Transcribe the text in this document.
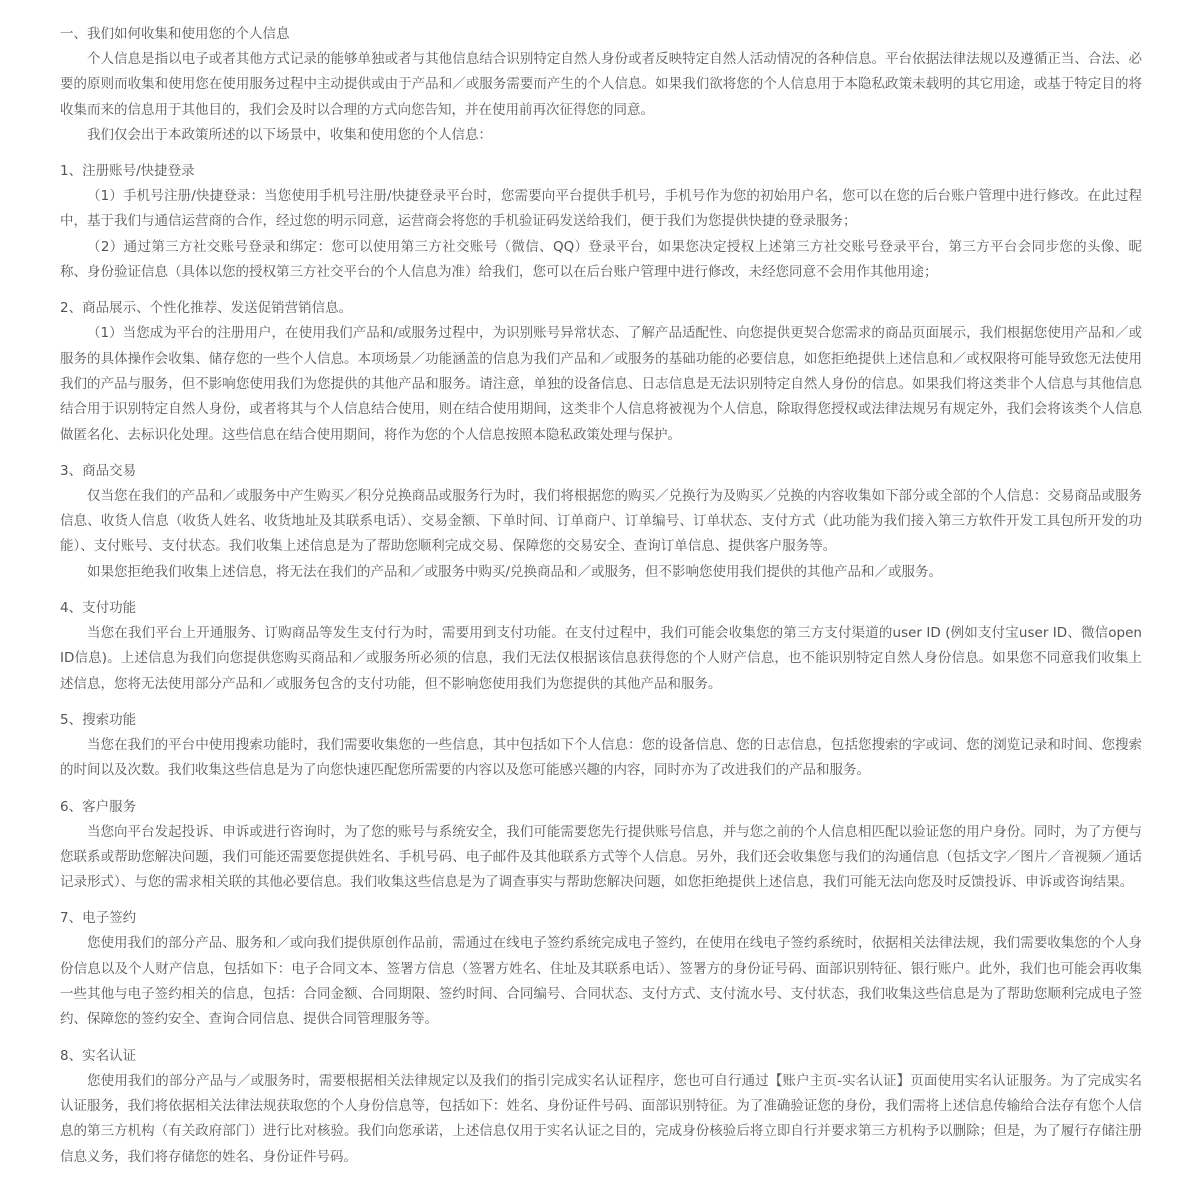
一、我们如何收集和使用您的个人信息

个人信息是指以电子或者其他方式记录的能够单独或者与其他信息结合识别特定自然人身份或者反映特定自然人活动情况的各种信息。平台依据法律法规以及遵循正当、合法、必要的原则而收集和使用您在使用服务过程中主动提供或由于产品和／或服务需要而产生的个人信息。如果我们欲将您的个人信息用于本隐私政策未载明的其它用途，或基于特定目的将收集而来的信息用于其他目的，我们会及时以合理的方式向您告知，并在使用前再次征得您的同意。

我们仅会出于本政策所述的以下场景中，收集和使用您的个人信息：

1、注册账号/快捷登录

（1）手机号注册/快捷登录：当您使用手机号注册/快捷登录平台时，您需要向平台提供手机号，手机号作为您的初始用户名，您可以在您的后台账户管理中进行修改。在此过程中，基于我们与通信运营商的合作，经过您的明示同意，运营商会将您的手机验证码发送给我们，便于我们为您提供快捷的登录服务；

（2）通过第三方社交账号登录和绑定：您可以使用第三方社交账号（微信、QQ）登录平台，如果您决定授权上述第三方社交账号登录平台，第三方平台会同步您的头像、昵称、身份验证信息（具体以您的授权第三方社交平台的个人信息为准）给我们，您可以在后台账户管理中进行修改，未经您同意不会用作其他用途；

2、商品展示、个性化推荐、发送促销营销信息。

（1）当您成为平台的注册用户，在使用我们产品和/或服务过程中，为识别账号异常状态、了解产品适配性、向您提供更契合您需求的商品页面展示，我们根据您使用产品和／或服务的具体操作会收集、储存您的一些个人信息。本项场景／功能涵盖的信息为我们产品和／或服务的基础功能的必要信息，如您拒绝提供上述信息和／或权限将可能导致您无法使用我们的产品与服务，但不影响您使用我们为您提供的其他产品和服务。请注意，单独的设备信息、日志信息是无法识别特定自然人身份的信息。如果我们将这类非个人信息与其他信息结合用于识别特定自然人身份，或者将其与个人信息结合使用，则在结合使用期间，这类非个人信息将被视为个人信息，除取得您授权或法律法规另有规定外，我们会将该类个人信息做匿名化、去标识化处理。这些信息在结合使用期间，将作为您的个人信息按照本隐私政策处理与保护。

3、商品交易

仅当您在我们的产品和／或服务中产生购买／积分兑换商品或服务行为时，我们将根据您的购买／兑换行为及购买／兑换的内容收集如下部分或全部的个人信息：交易商品或服务信息、收货人信息（收货人姓名、收货地址及其联系电话）、交易金额、下单时间、订单商户、订单编号、订单状态、支付方式（此功能为我们接入第三方软件开发工具包所开发的功能）、支付账号、支付状态。我们收集上述信息是为了帮助您顺利完成交易、保障您的交易安全、查询订单信息、提供客户服务等。

如果您拒绝我们收集上述信息，将无法在我们的产品和／或服务中购买/兑换商品和／或服务，但不影响您使用我们提供的其他产品和／或服务。

4、支付功能

当您在我们平台上开通服务、订购商品等发生支付行为时，需要用到支付功能。在支付过程中，我们可能会收集您的第三方支付渠道的user ID (例如支付宝user ID、微信open ID信息)。上述信息为我们向您提供您购买商品和／或服务所必须的信息，我们无法仅根据该信息获得您的个人财产信息，也不能识别特定自然人身份信息。如果您不同意我们收集上述信息，您将无法使用部分产品和／或服务包含的支付功能，但不影响您使用我们为您提供的其他产品和服务。

5、搜索功能

当您在我们的平台中使用搜索功能时，我们需要收集您的一些信息，其中包括如下个人信息：您的设备信息、您的日志信息，包括您搜索的字或词、您的浏览记录和时间、您搜索的时间以及次数。我们收集这些信息是为了向您快速匹配您所需要的内容以及您可能感兴趣的内容，同时亦为了改进我们的产品和服务。

6、客户服务

当您向平台发起投诉、申诉或进行咨询时，为了您的账号与系统安全，我们可能需要您先行提供账号信息，并与您之前的个人信息相匹配以验证您的用户身份。同时，为了方便与您联系或帮助您解决问题，我们可能还需要您提供姓名、手机号码、电子邮件及其他联系方式等个人信息。另外，我们还会收集您与我们的沟通信息（包括文字／图片／音视频／通话记录形式）、与您的需求相关联的其他必要信息。我们收集这些信息是为了调查事实与帮助您解决问题，如您拒绝提供上述信息，我们可能无法向您及时反馈投诉、申诉或咨询结果。

7、电子签约

您使用我们的部分产品、服务和／或向我们提供原创作品前，需通过在线电子签约系统完成电子签约，在使用在线电子签约系统时，依据相关法律法规，我们需要收集您的个人身份信息以及个人财产信息，包括如下：电子合同文本、签署方信息（签署方姓名、住址及其联系电话）、签署方的身份证号码、面部识别特征、银行账户。此外，我们也可能会再收集一些其他与电子签约相关的信息，包括：合同金额、合同期限、签约时间、合同编号、合同状态、支付方式、支付流水号、支付状态，我们收集这些信息是为了帮助您顺利完成电子签约、保障您的签约安全、查询合同信息、提供合同管理服务等。

8、实名认证

您使用我们的部分产品与／或服务时，需要根据相关法律规定以及我们的指引完成实名认证程序，您也可自行通过【账户主页-实名认证】页面使用实名认证服务。为了完成实名认证服务，我们将依据相关法律法规获取您的个人身份信息等，包括如下：姓名、身份证件号码、面部识别特征。为了准确验证您的身份，我们需将上述信息传输给合法存有您个人信息的第三方机构（有关政府部门）进行比对核验。我们向您承诺，上述信息仅用于实名认证之目的，完成身份核验后将立即自行并要求第三方机构予以删除；但是，为了履行存储注册信息义务，我们将存储您的姓名、身份证件号码。
